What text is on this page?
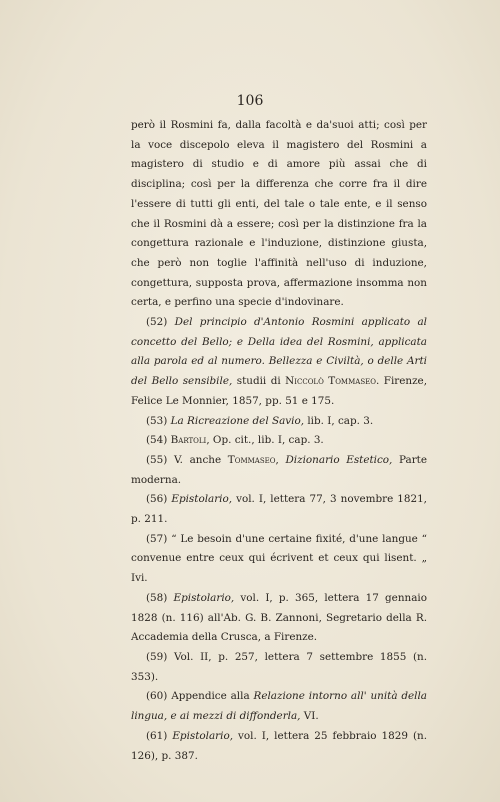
106

però il Rosmini fa, dalla facoltà e da'suoi atti; così per la voce discepolo eleva il magistero del Rosmini a magistero di studio e di amore più assai che di disciplina; così per la differenza che corre fra il dire l'essere di tutti gli enti, del tale o tale ente, e il senso che il Rosmini dà a essere; così per la distinzione fra la congettura razionale e l'induzione, distinzione giusta, che però non toglie l'affinità nell'uso di induzione, congettura, supposta prova, affermazione insomma non certa, e perfino una specie d'indovinare.

(52) Del principio d'Antonio Rosmini applicato al concetto del Bello; e Della idea del Rosmini, applicata alla parola ed al numero. Bellezza e Civiltà, o delle Arti del Bello sensibile, studii di Niccolò Tommaseo. Firenze, Felice Le Monnier, 1857, pp. 51 e 175.

(53) La Ricreazione del Savio, lib. I, cap. 3.

(54) Bartoli, Op. cit., lib. I, cap. 3.

(55) V. anche Tommaseo, Dizionario Estetico, Parte moderna.

(56) Epistolario, vol. I, lettera 77, 3 novembre 1821, p. 211.

(57) “ Le besoin d'une certaine fixité, d'une langue “ convenue entre ceux qui écrivent et ceux qui lisent. „ Ivi.

(58) Epistolario, vol. I, p. 365, lettera 17 gennaio 1828 (n. 116) all'Ab. G. B. Zannoni, Segretario della R. Accademia della Crusca, a Firenze.

(59) Vol. II, p. 257, lettera 7 settembre 1855 (n. 353).

(60) Appendice alla Relazione intorno all' unità della lingua, e ai mezzi di diffonderla, VI.

(61) Epistolario, vol. I, lettera 25 febbraio 1829 (n. 126), p. 387.
